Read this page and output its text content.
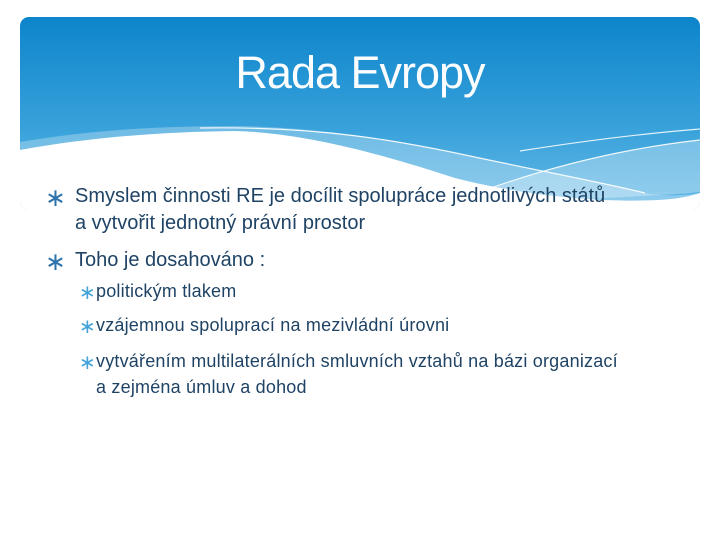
Rada Evropy
∗ Smyslem činnosti RE je docílit spolupráce jednotlivých států
a vytvořit jednotný právní prostor
∗ Toho je dosahováno :
∗ politickým tlakem
∗ vzájemnou spoluprací na mezivládní úrovni
∗ vytvářením multilaterálních smluvních vztahů na bázi organizací
a zejména úmluv a dohod
